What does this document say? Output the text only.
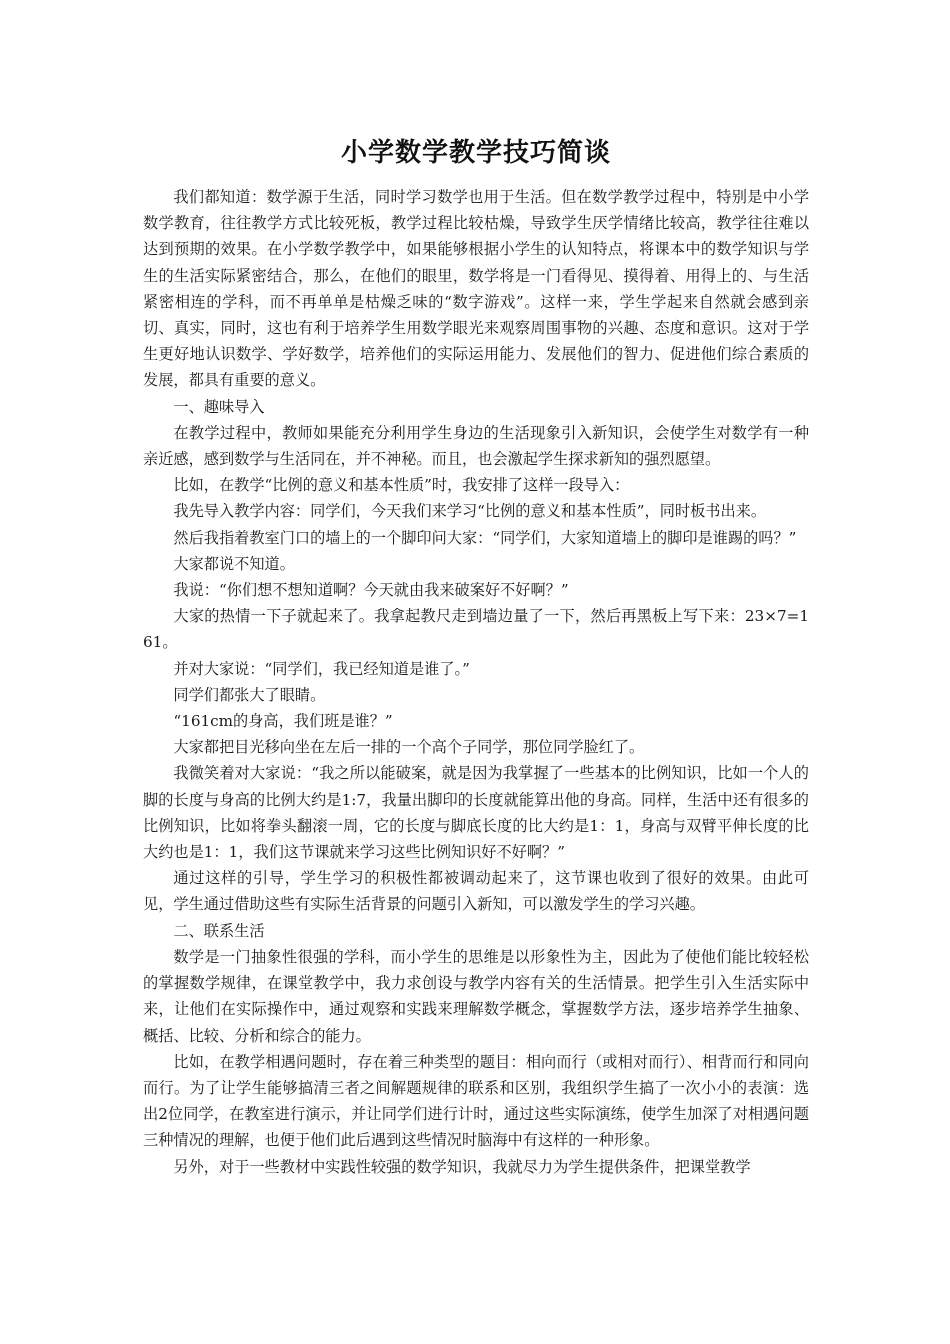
小学数学教学技巧简谈

我们都知道：数学源于生活，同时学习数学也用于生活。但在数学教学过程中，特别是中小学数学教育，往往教学方式比较死板，教学过程比较枯燥，导致学生厌学情绪比较高，教学往往难以达到预期的效果。在小学数学教学中，如果能够根据小学生的认知特点，将课本中的数学知识与学生的生活实际紧密结合，那么，在他们的眼里，数学将是一门看得见、摸得着、用得上的、与生活紧密相连的学科，而不再单单是枯燥乏味的“数字游戏”。这样一来，学生学起来自然就会感到亲切、真实，同时，这也有利于培养学生用数学眼光来观察周围事物的兴趣、态度和意识。这对于学生更好地认识数学、学好数学，培养他们的实际运用能力、发展他们的智力、促进他们综合素质的发展，都具有重要的意义。

一、趣味导入

在教学过程中，教师如果能充分利用学生身边的生活现象引入新知识，会使学生对数学有一种亲近感，感到数学与生活同在，并不神秘。而且，也会激起学生探求新知的强烈愿望。

比如，在教学“比例的意义和基本性质”时，我安排了这样一段导入：

我先导入教学内容：同学们，今天我们来学习“比例的意义和基本性质”，同时板书出来。

然后我指着教室门口的墙上的一个脚印问大家：“同学们，大家知道墙上的脚印是谁踢的吗？”

大家都说不知道。

我说：“你们想不想知道啊？今天就由我来破案好不好啊？”

大家的热情一下子就起来了。我拿起教尺走到墙边量了一下，然后再黑板上写下来：23×7=161。

并对大家说：“同学们，我已经知道是谁了。”

同学们都张大了眼睛。

“161cm的身高，我们班是谁？”

大家都把目光移向坐在左后一排的一个高个子同学，那位同学脸红了。

我微笑着对大家说：“我之所以能破案，就是因为我掌握了一些基本的比例知识，比如一个人的脚的长度与身高的比例大约是1:7，我量出脚印的长度就能算出他的身高。同样，生活中还有很多的比例知识，比如将拳头翻滚一周，它的长度与脚底长度的比大约是1：1，身高与双臂平伸长度的比大约也是1：1，我们这节课就来学习这些比例知识好不好啊？”

通过这样的引导，学生学习的积极性都被调动起来了，这节课也收到了很好的效果。由此可见，学生通过借助这些有实际生活背景的问题引入新知，可以激发学生的学习兴趣。

二、联系生活

数学是一门抽象性很强的学科，而小学生的思维是以形象性为主，因此为了使他们能比较轻松的掌握数学规律，在课堂教学中，我力求创设与教学内容有关的生活情景。把学生引入生活实际中来，让他们在实际操作中，通过观察和实践来理解数学概念，掌握数学方法，逐步培养学生抽象、概括、比较、分析和综合的能力。

比如，在教学相遇问题时，存在着三种类型的题目：相向而行（或相对而行）、相背而行和同向而行。为了让学生能够搞清三者之间解题规律的联系和区别，我组织学生搞了一次小小的表演：选出2位同学，在教室进行演示，并让同学们进行计时，通过这些实际演练，使学生加深了对相遇问题三种情况的理解，也便于他们此后遇到这些情况时脑海中有这样的一种形象。

另外，对于一些教材中实践性较强的数学知识，我就尽力为学生提供条件，把课堂教学
